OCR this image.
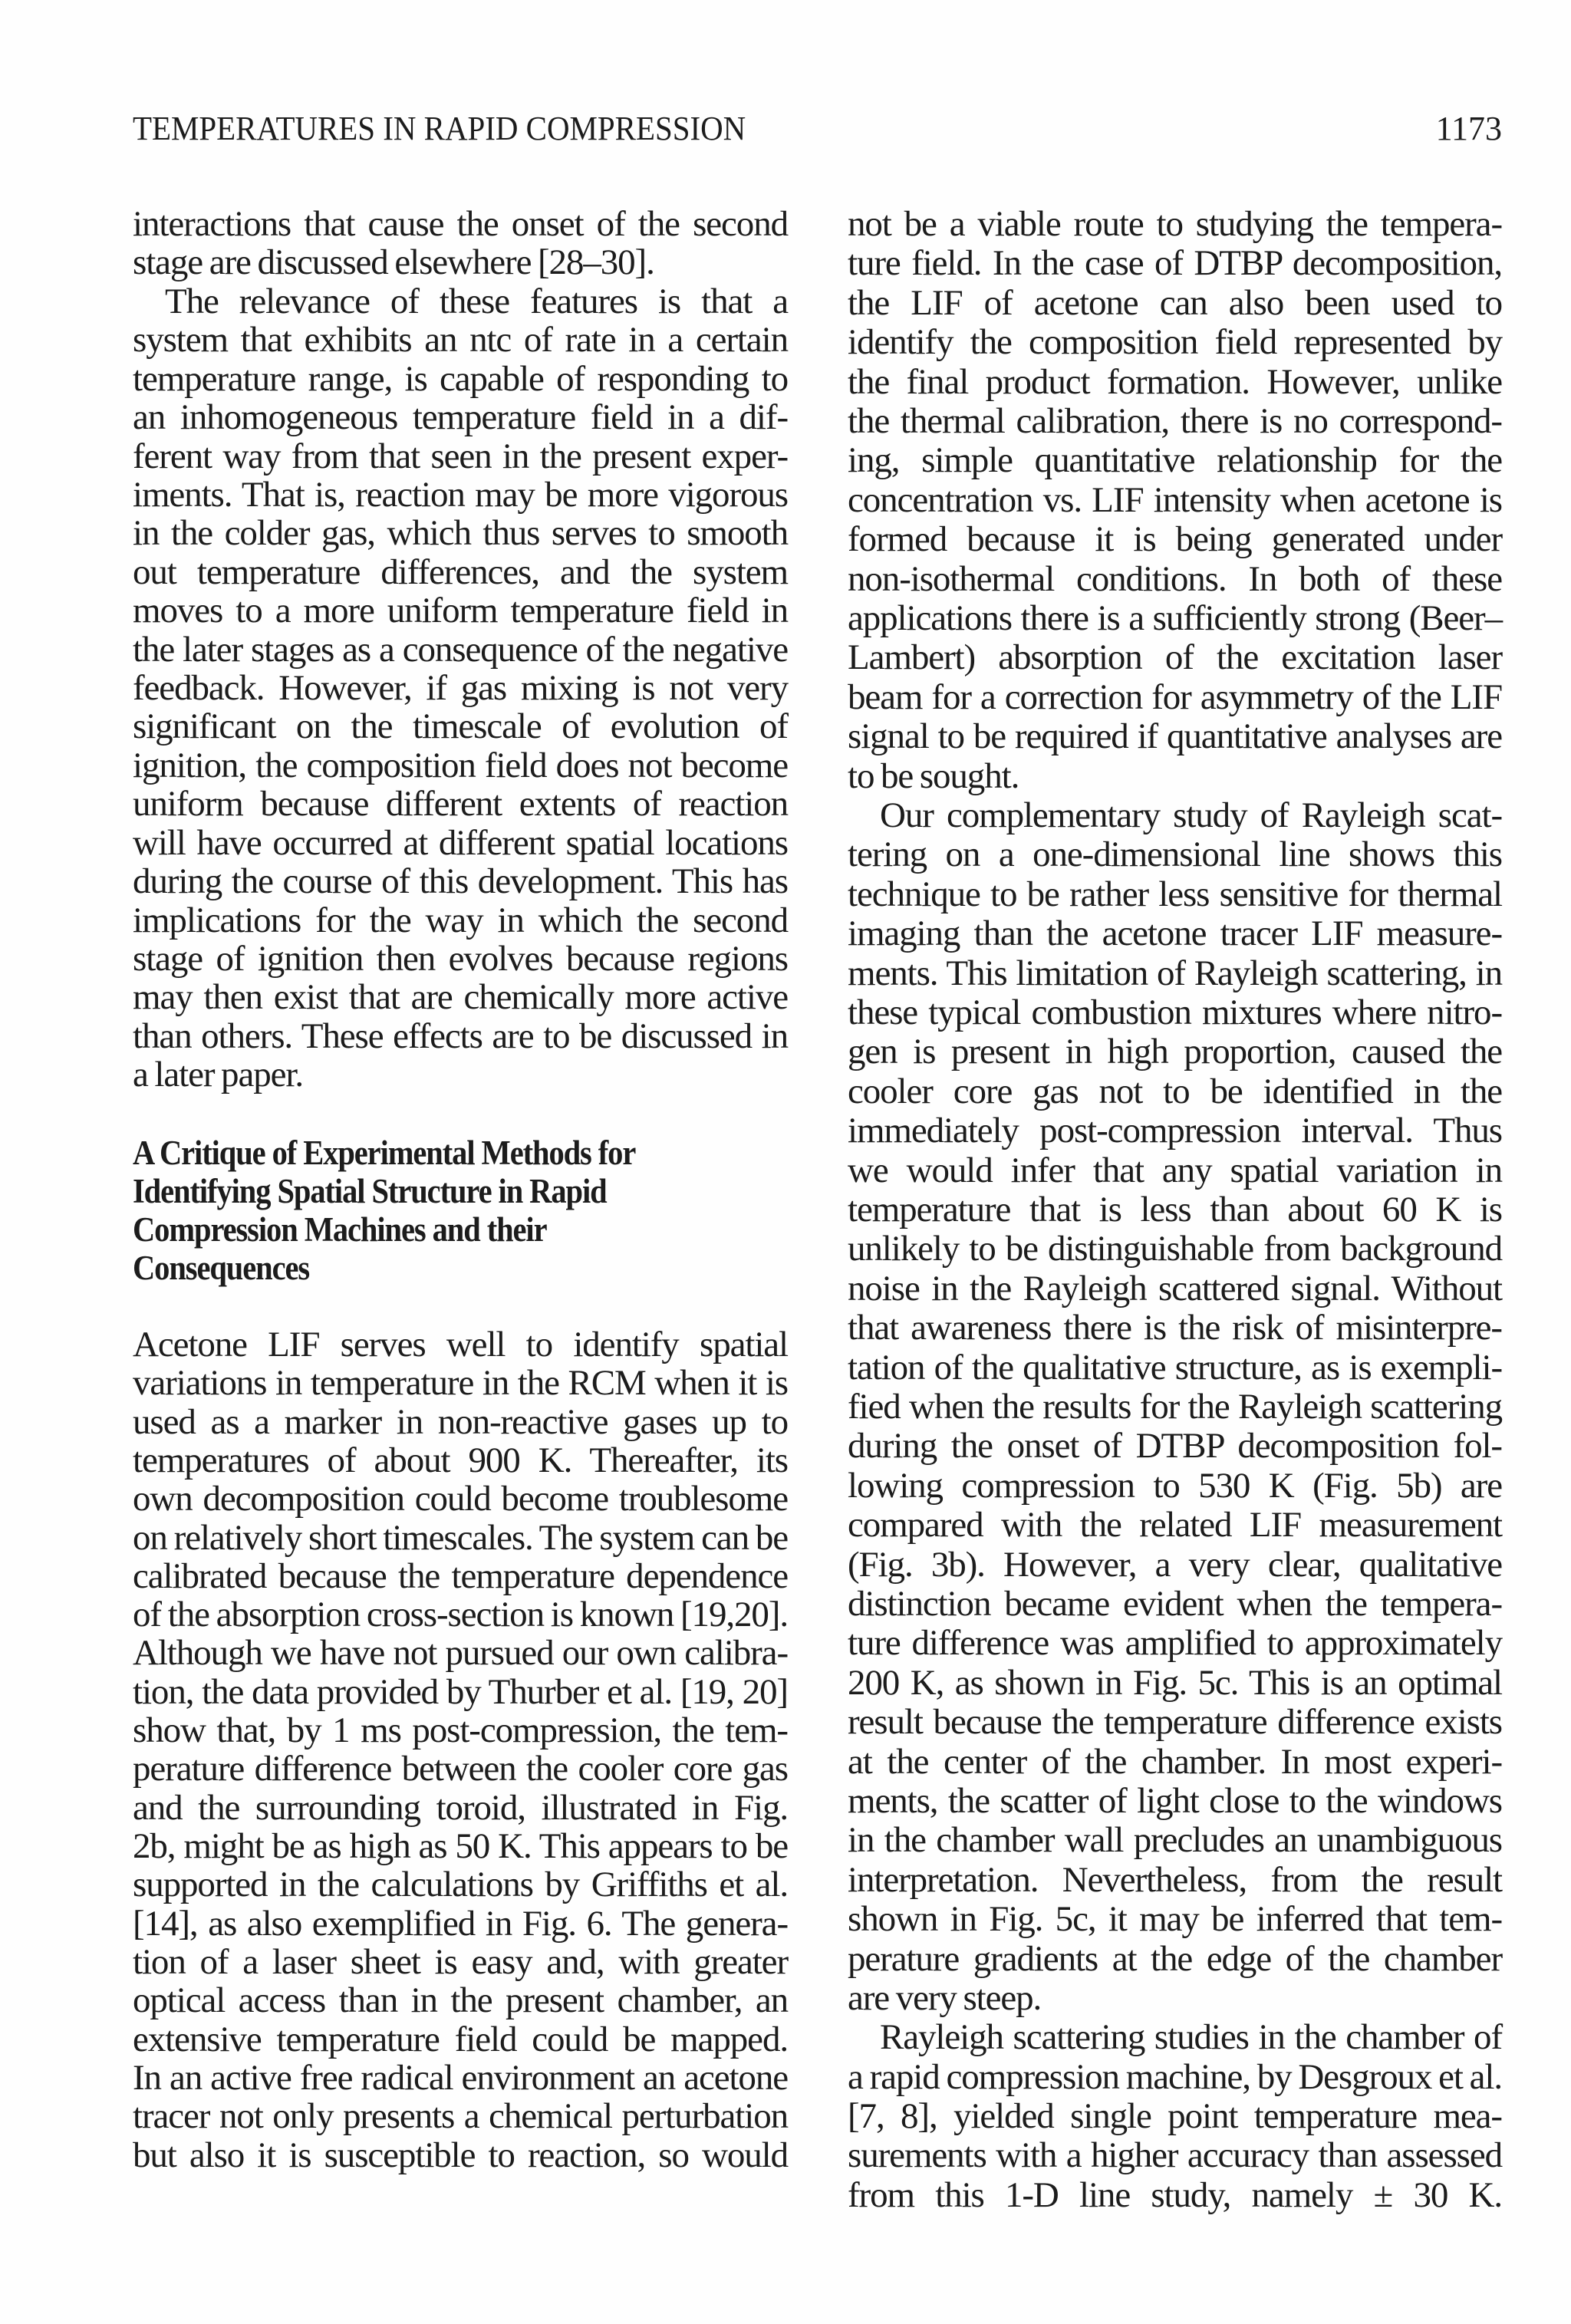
TEMPERATURES IN RAPID COMPRESSION	1173
interactions that cause the onset of the second
stage are discussed elsewhere [28–30].
The relevance of these features is that a
system that exhibits an ntc of rate in a certain
temperature range, is capable of responding to
an inhomogeneous temperature field in a dif-
ferent way from that seen in the present exper-
iments. That is, reaction may be more vigorous
in the colder gas, which thus serves to smooth
out temperature differences, and the system
moves to a more uniform temperature field in
the later stages as a consequence of the negative
feedback. However, if gas mixing is not very
significant on the timescale of evolution of
ignition, the composition field does not become
uniform because different extents of reaction
will have occurred at different spatial locations
during the course of this development. This has
implications for the way in which the second
stage of ignition then evolves because regions
may then exist that are chemically more active
than others. These effects are to be discussed in
a later paper.
A Critique of Experimental Methods for
Identifying Spatial Structure in Rapid
Compression Machines and their
Consequences
Acetone LIF serves well to identify spatial
variations in temperature in the RCM when it is
used as a marker in non-reactive gases up to
temperatures of about 900 K. Thereafter, its
own decomposition could become troublesome
on relatively short timescales. The system can be
calibrated because the temperature dependence
of the absorption cross-section is known [19,20].
Although we have not pursued our own calibra-
tion, the data provided by Thurber et al. [19, 20]
show that, by 1 ms post-compression, the tem-
perature difference between the cooler core gas
and the surrounding toroid, illustrated in Fig.
2b, might be as high as 50 K. This appears to be
supported in the calculations by Griffiths et al.
[14], as also exemplified in Fig. 6. The genera-
tion of a laser sheet is easy and, with greater
optical access than in the present chamber, an
extensive temperature field could be mapped.
In an active free radical environment an acetone
tracer not only presents a chemical perturbation
but also it is susceptible to reaction, so would
not be a viable route to studying the tempera-
ture field. In the case of DTBP decomposition,
the LIF of acetone can also been used to
identify the composition field represented by
the final product formation. However, unlike
the thermal calibration, there is no correspond-
ing, simple quantitative relationship for the
concentration vs. LIF intensity when acetone is
formed because it is being generated under
non-isothermal conditions. In both of these
applications there is a sufficiently strong (Beer–
Lambert) absorption of the excitation laser
beam for a correction for asymmetry of the LIF
signal to be required if quantitative analyses are
to be sought.
Our complementary study of Rayleigh scat-
tering on a one-dimensional line shows this
technique to be rather less sensitive for thermal
imaging than the acetone tracer LIF measure-
ments. This limitation of Rayleigh scattering, in
these typical combustion mixtures where nitro-
gen is present in high proportion, caused the
cooler core gas not to be identified in the
immediately post-compression interval. Thus
we would infer that any spatial variation in
temperature that is less than about 60 K is
unlikely to be distinguishable from background
noise in the Rayleigh scattered signal. Without
that awareness there is the risk of misinterpre-
tation of the qualitative structure, as is exempli-
fied when the results for the Rayleigh scattering
during the onset of DTBP decomposition fol-
lowing compression to 530 K (Fig. 5b) are
compared with the related LIF measurement
(Fig. 3b). However, a very clear, qualitative
distinction became evident when the tempera-
ture difference was amplified to approximately
200 K, as shown in Fig. 5c. This is an optimal
result because the temperature difference exists
at the center of the chamber. In most experi-
ments, the scatter of light close to the windows
in the chamber wall precludes an unambiguous
interpretation. Nevertheless, from the result
shown in Fig. 5c, it may be inferred that tem-
perature gradients at the edge of the chamber
are very steep.
Rayleigh scattering studies in the chamber of
a rapid compression machine, by Desgroux et al.
[7, 8], yielded single point temperature mea-
surements with a higher accuracy than assessed
from this 1-D line study, namely ± 30 K.
